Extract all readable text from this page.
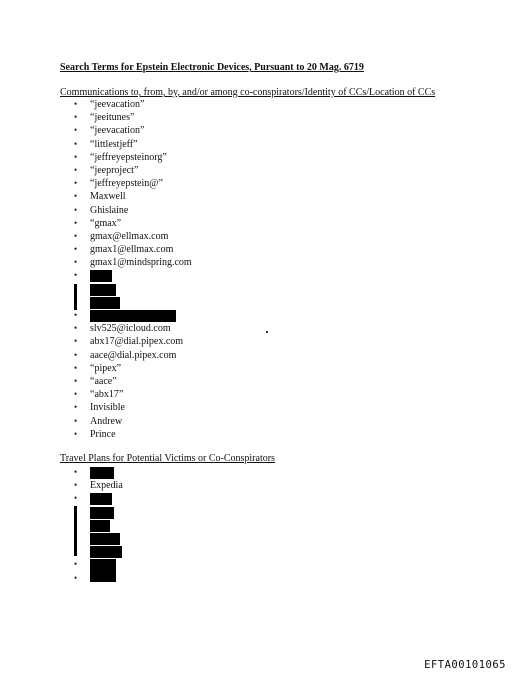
Search Terms for Epstein Electronic Devices, Pursuant to 20 Mag. 6719
Communications to, from, by, and/or among co-conspirators/Identity of CCs/Location of CCs
•	“jeevacation”
•	“jeeitunes”
•	“jeevacation”
•	“littlestjeff”
•	“jeffreyepsteinorg”
•	“jeeproject”
•	“jeffreyepstein@”
•	Maxwell
•	Ghislaine
•	“gmax”
•	gmax@ellmax.com
•	gmax1@ellmax.com
•	gmax1@mindspring.com
•
•
•	slv525@icloud.com
•	abx17@dial.pipex.com
•	aace@dial.pipex.com
•	“pipex”
•	“aace”
•	“abx17”
•	Invisible
•	Andrew
•	Prince
Travel Plans for Potential Victims or Co-Conspirators
•
•	Expedia
•
•
•
EFTA00101065
